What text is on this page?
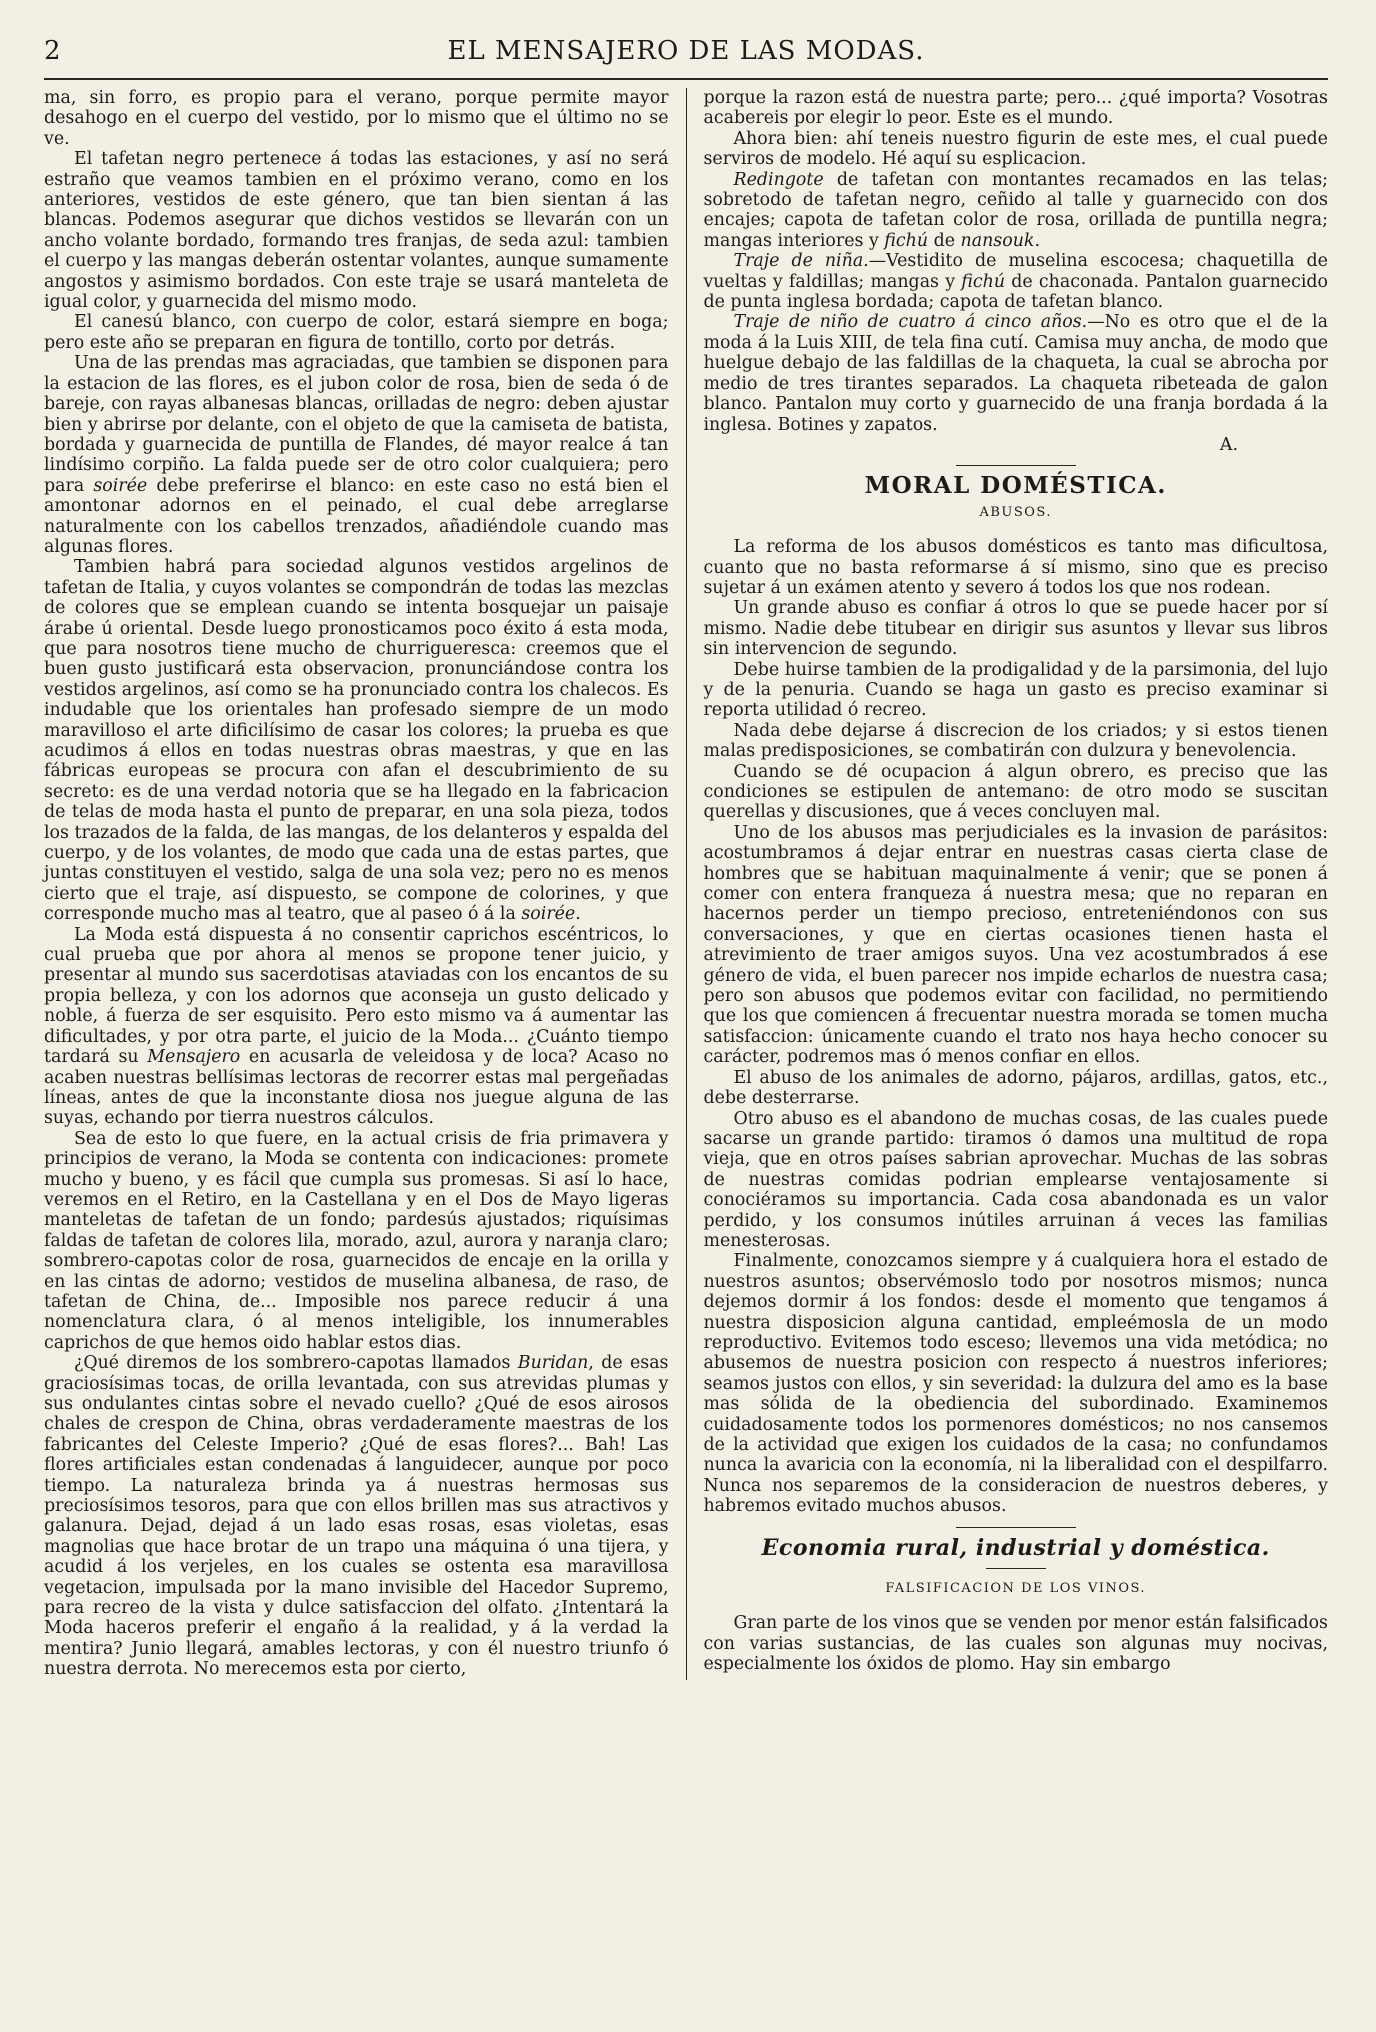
2	EL MENSAJERO DE LAS MODAS.

ma, sin forro, es propio para el verano, porque permite mayor desahogo en el cuerpo del vestido, por lo mismo que el último no se ve.

El tafetan negro pertenece á todas las estaciones, y así no será estraño que veamos tambien en el próximo verano, como en los anteriores, vestidos de este género, que tan bien sientan á las blancas. Podemos asegurar que dichos vestidos se llevarán con un ancho volante bordado, formando tres franjas, de seda azul: tambien el cuerpo y las mangas deberán ostentar volantes, aunque sumamente angostos y asimismo bordados. Con este traje se usará manteleta de igual color, y guarnecida del mismo modo.

El canesú blanco, con cuerpo de color, estará siempre en boga; pero este año se preparan en figura de tontillo, corto por detrás.

Una de las prendas mas agraciadas, que tambien se disponen para la estacion de las flores, es el jubon color de rosa, bien de seda ó de bareje, con rayas albanesas blancas, orilladas de negro: deben ajustar bien y abrirse por delante, con el objeto de que la camiseta de batista, bordada y guarnecida de puntilla de Flandes, dé mayor realce á tan lindísimo corpiño. La falda puede ser de otro color cualquiera; pero para soirée debe preferirse el blanco: en este caso no está bien el amontonar adornos en el peinado, el cual debe arreglarse naturalmente con los cabellos trenzados, añadiéndole cuando mas algunas flores.

Tambien habrá para sociedad algunos vestidos argelinos de tafetan de Italia, y cuyos volantes se compondrán de todas las mezclas de colores que se emplean cuando se intenta bosquejar un paisaje árabe ú oriental. Desde luego pronosticamos poco éxito á esta moda, que para nosotros tiene mucho de churrigueresca: creemos que el buen gusto justificará esta observacion, pronunciándose contra los vestidos argelinos, así como se ha pronunciado contra los chalecos. Es indudable que los orientales han profesado siempre de un modo maravilloso el arte dificilísimo de casar los colores; la prueba es que acudimos á ellos en todas nuestras obras maestras, y que en las fábricas europeas se procura con afan el descubrimiento de su secreto: es de una verdad notoria que se ha llegado en la fabricacion de telas de moda hasta el punto de preparar, en una sola pieza, todos los trazados de la falda, de las mangas, de los delanteros y espalda del cuerpo, y de los volantes, de modo que cada una de estas partes, que juntas constituyen el vestido, salga de una sola vez; pero no es menos cierto que el traje, así dispuesto, se compone de colorines, y que corresponde mucho mas al teatro, que al paseo ó á la soirée.

La Moda está dispuesta á no consentir caprichos escéntricos, lo cual prueba que por ahora al menos se propone tener juicio, y presentar al mundo sus sacerdotisas ataviadas con los encantos de su propia belleza, y con los adornos que aconseja un gusto delicado y noble, á fuerza de ser esquisito. Pero esto mismo va á aumentar las dificultades, y por otra parte, el juicio de la Moda... ¿Cuánto tiempo tardará su Mensajero en acusarla de veleidosa y de loca? Acaso no acaben nuestras bellísimas lectoras de recorrer estas mal pergeñadas líneas, antes de que la inconstante diosa nos juegue alguna de las suyas, echando por tierra nuestros cálculos.

Sea de esto lo que fuere, en la actual crisis de fria primavera y principios de verano, la Moda se contenta con indicaciones: promete mucho y bueno, y es fácil que cumpla sus promesas. Si así lo hace, veremos en el Retiro, en la Castellana y en el Dos de Mayo ligeras manteletas de tafetan de un fondo; pardesús ajustados; riquísimas faldas de tafetan de colores lila, morado, azul, aurora y naranja claro; sombrero-capotas color de rosa, guarnecidos de encaje en la orilla y en las cintas de adorno; vestidos de muselina albanesa, de raso, de tafetan de China, de... Imposible nos parece reducir á una nomenclatura clara, ó al menos inteligible, los innumerables caprichos de que hemos oido hablar estos dias.

¿Qué diremos de los sombrero-capotas llamados Buridan, de esas graciosísimas tocas, de orilla levantada, con sus atrevidas plumas y sus ondulantes cintas sobre el nevado cuello? ¿Qué de esos airosos chales de crespon de China, obras verdaderamente maestras de los fabricantes del Celeste Imperio? ¿Qué de esas flores?... Bah! Las flores artificiales estan condenadas á languidecer, aunque por poco tiempo. La naturaleza brinda ya á nuestras hermosas sus preciosísimos tesoros, para que con ellos brillen mas sus atractivos y galanura. Dejad, dejad á un lado esas rosas, esas violetas, esas magnolias que hace brotar de un trapo una máquina ó una tijera, y acudid á los verjeles, en los cuales se ostenta esa maravillosa vegetacion, impulsada por la mano invisible del Hacedor Supremo, para recreo de la vista y dulce satisfaccion del olfato. ¿Intentará la Moda haceros preferir el engaño á la realidad, y á la verdad la mentira? Junio llegará, amables lectoras, y con él nuestro triunfo ó nuestra derrota. No merecemos esta por cierto,

porque la razon está de nuestra parte; pero... ¿qué importa? Vosotras acabereis por elegir lo peor. Este es el mundo.

Ahora bien: ahí teneis nuestro figurin de este mes, el cual puede serviros de modelo. Hé aquí su esplicacion.

Redingote de tafetan con montantes recamados en las telas; sobretodo de tafetan negro, ceñido al talle y guarnecido con dos encajes; capota de tafetan color de rosa, orillada de puntilla negra; mangas interiores y fichú de nansouk.

Traje de niña.—Vestidito de muselina escocesa; chaquetilla de vueltas y faldillas; mangas y fichú de chaconada. Pantalon guarnecido de punta inglesa bordada; capota de tafetan blanco.

Traje de niño de cuatro á cinco años.—No es otro que el de la moda á la Luis XIII, de tela fina cutí. Camisa muy ancha, de modo que huelgue debajo de las faldillas de la chaqueta, la cual se abrocha por medio de tres tirantes separados. La chaqueta ribeteada de galon blanco. Pantalon muy corto y guarnecido de una franja bordada á la inglesa. Botines y zapatos.

A.

MORAL DOMÉSTICA.
ABUSOS.

La reforma de los abusos domésticos es tanto mas dificultosa, cuanto que no basta reformarse á sí mismo, sino que es preciso sujetar á un exámen atento y severo á todos los que nos rodean.

Un grande abuso es confiar á otros lo que se puede hacer por sí mismo. Nadie debe titubear en dirigir sus asuntos y llevar sus libros sin intervencion de segundo.

Debe huirse tambien de la prodigalidad y de la parsimonia, del lujo y de la penuria. Cuando se haga un gasto es preciso examinar si reporta utilidad ó recreo.

Nada debe dejarse á discrecion de los criados; y si estos tienen malas predisposiciones, se combatirán con dulzura y benevolencia.

Cuando se dé ocupacion á algun obrero, es preciso que las condiciones se estipulen de antemano: de otro modo se suscitan querellas y discusiones, que á veces concluyen mal.

Uno de los abusos mas perjudiciales es la invasion de parásitos: acostumbramos á dejar entrar en nuestras casas cierta clase de hombres que se habituan maquinalmente á venir; que se ponen á comer con entera franqueza á nuestra mesa; que no reparan en hacernos perder un tiempo precioso, entreteniéndonos con sus conversaciones, y que en ciertas ocasiones tienen hasta el atrevimiento de traer amigos suyos. Una vez acostumbrados á ese género de vida, el buen parecer nos impide echarlos de nuestra casa; pero son abusos que podemos evitar con facilidad, no permitiendo que los que comiencen á frecuentar nuestra morada se tomen mucha satisfaccion: únicamente cuando el trato nos haya hecho conocer su carácter, podremos mas ó menos confiar en ellos.

El abuso de los animales de adorno, pájaros, ardillas, gatos, etc., debe desterrarse.

Otro abuso es el abandono de muchas cosas, de las cuales puede sacarse un grande partido: tiramos ó damos una multitud de ropa vieja, que en otros países sabrian aprovechar. Muchas de las sobras de nuestras comidas podrian emplearse ventajosamente si conociéramos su importancia. Cada cosa abandonada es un valor perdido, y los consumos inútiles arruinan á veces las familias menesterosas.

Finalmente, conozcamos siempre y á cualquiera hora el estado de nuestros asuntos; observémoslo todo por nosotros mismos; nunca dejemos dormir á los fondos: desde el momento que tengamos á nuestra disposicion alguna cantidad, empleémosla de un modo reproductivo. Evitemos todo esceso; llevemos una vida metódica; no abusemos de nuestra posicion con respecto á nuestros inferiores; seamos justos con ellos, y sin severidad: la dulzura del amo es la base mas sólida de la obediencia del subordinado. Examinemos cuidadosamente todos los pormenores domésticos; no nos cansemos de la actividad que exigen los cuidados de la casa; no confundamos nunca la avaricia con la economía, ni la liberalidad con el despilfarro. Nunca nos separemos de la consideracion de nuestros deberes, y habremos evitado muchos abusos.

Economia rural, industrial y doméstica.
FALSIFICACION DE LOS VINOS.

Gran parte de los vinos que se venden por menor están falsificados con varias sustancias, de las cuales son algunas muy nocivas, especialmente los óxidos de plomo. Hay sin embargo
